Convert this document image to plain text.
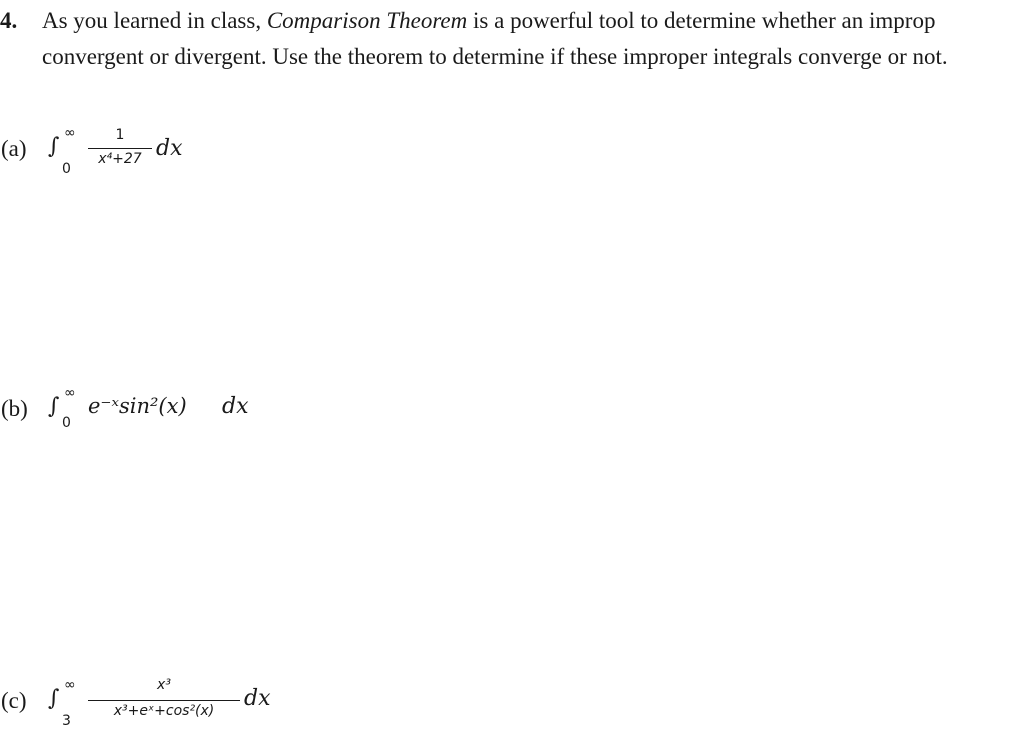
4. As you learned in class, Comparison Theorem is a powerful tool to determine whether an improp
convergent or divergent. Use the theorem to determine if these improper integrals converge or not.
(a) ∫
∞
0
1
x⁴+27 dx
(b) ∫
∞
0
e⁻ˣsin²(x) dx
(c) ∫
∞
3
x³
x³+eˣ+cos²(x)	dx
